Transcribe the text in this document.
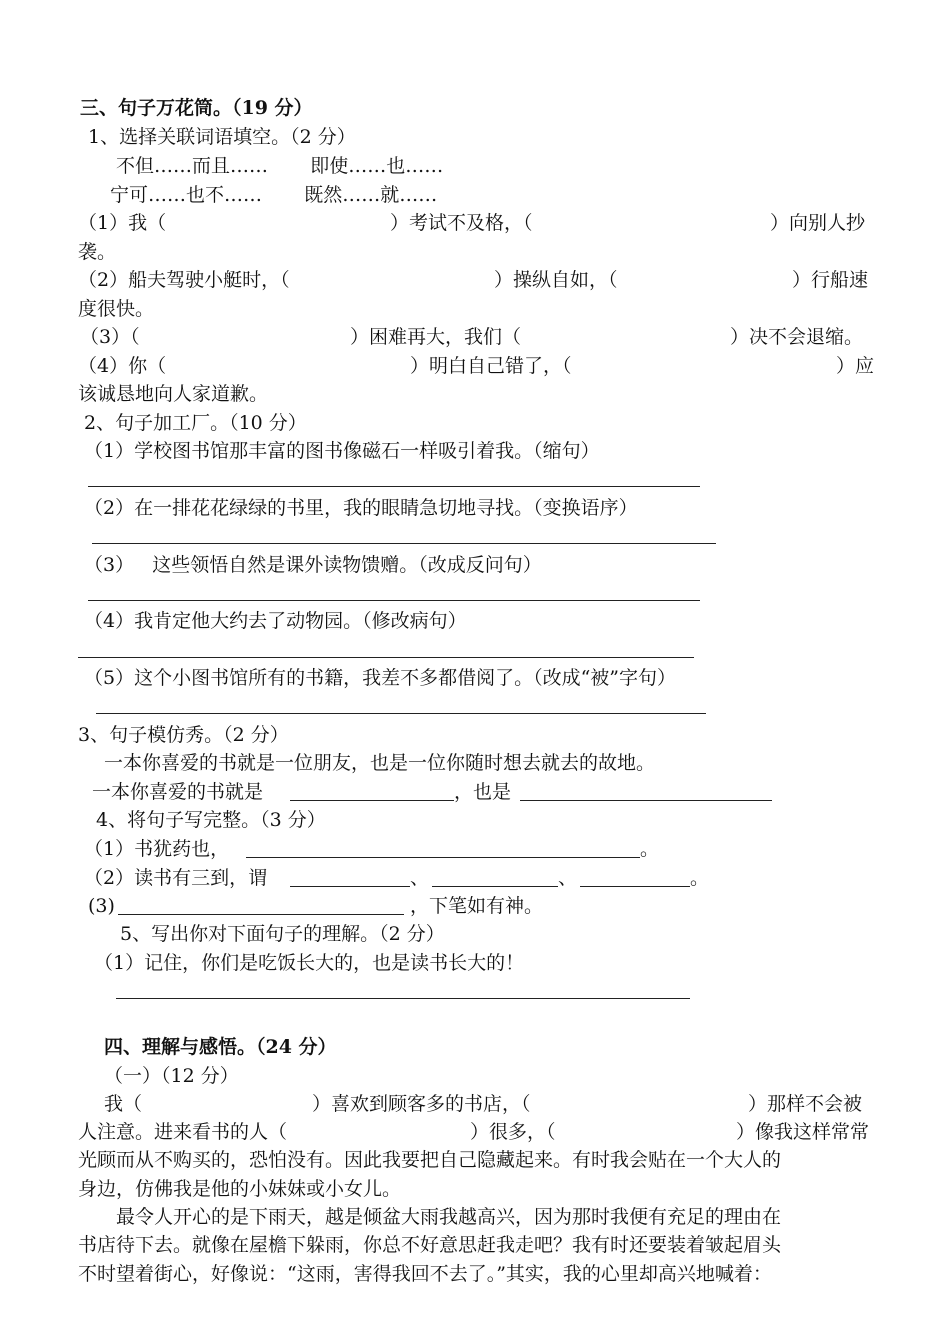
三、句子万花筒。（19 分）
1、选择关联词语填空。（2 分）
不但……而且……       即使……也……
宁可……也不……       既然……就……
（1）我（	）考试不及格，（	）向别人抄
袭。
（2）船夫驾驶小艇时，（	）操纵自如，（	）行船速
度很快。
（3）（	）困难再大，我们（	）决不会退缩。
（4）你（	）明白自己错了，（	）应
该诚恳地向人家道歉。
2、句子加工厂。（10 分）
（1）学校图书馆那丰富的图书像磁石一样吸引着我。（缩句）
（2）在一排花花绿绿的书里，我的眼睛急切地寻找。（变换语序）
（3）   这些领悟自然是课外读物馈赠。（改成反问句）
（4）我肯定他大约去了动物园。（修改病句）
（5）这个小图书馆所有的书籍，我差不多都借阅了。（改成“被”字句）
3、句子模仿秀。（2 分）
一本你喜爱的书就是一位朋友，也是一位你随时想去就去的故地。
一本你喜爱的书就是	，也是
4、将句子写完整。（3 分）
（1）书犹药也，	。
（2）读书有三到，谓	、	、	。
(3)	，下笔如有神。
5、写出你对下面句子的理解。（2 分）
（1）记住，你们是吃饭长大的，也是读书长大的！
四、理解与感悟。（24 分）
（一）（12 分）
我（	）喜欢到顾客多的书店，（	）那样不会被
人注意。进来看书的人（	）很多，（	）像我这样常常
光顾而从不购买的，恐怕没有。因此我要把自己隐藏起来。有时我会贴在一个大人的
身边，仿佛我是他的小妹妹或小女儿。
最令人开心的是下雨天，越是倾盆大雨我越高兴，因为那时我便有充足的理由在
书店待下去。就像在屋檐下躲雨，你总不好意思赶我走吧？我有时还要装着皱起眉头
不时望着街心，好像说：“这雨，害得我回不去了。”其实，我的心里却高兴地喊着：
